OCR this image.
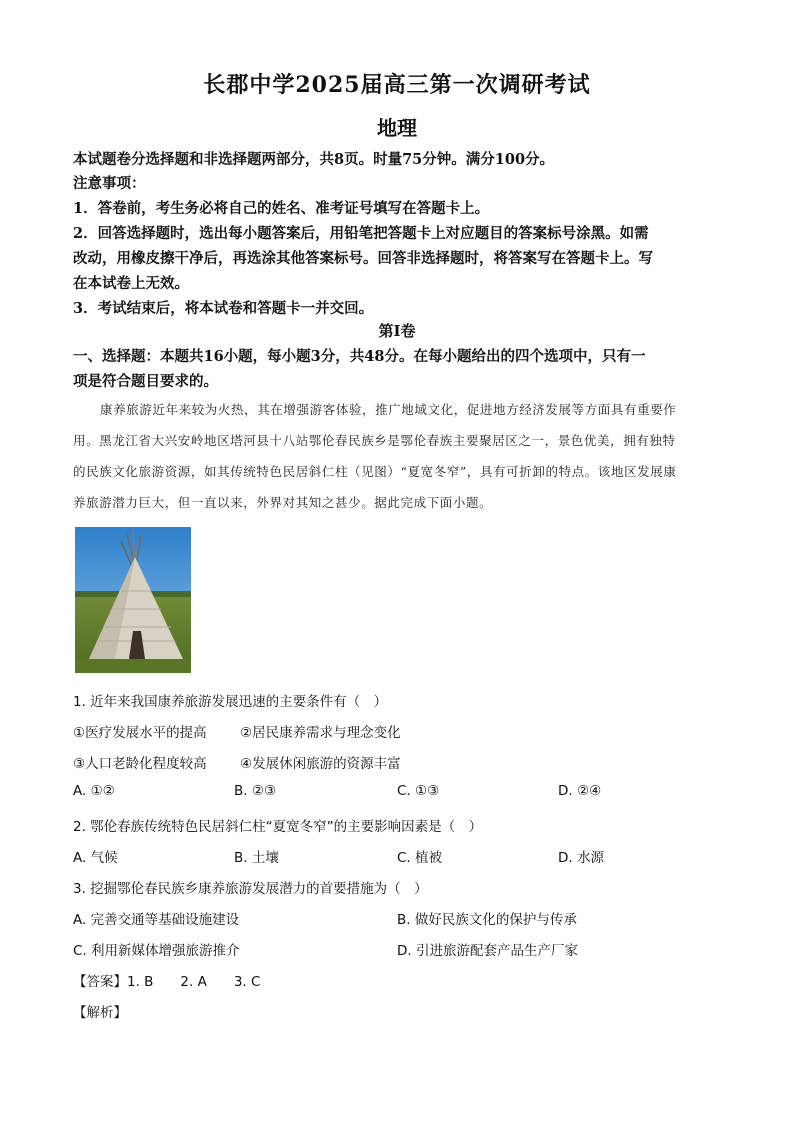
长郡中学2025届高三第一次调研考试
地理
本试题卷分选择题和非选择题两部分，共8页。时量75分钟。满分100分。
注意事项：
1．答卷前，考生务必将自己的姓名、准考证号填写在答题卡上。
2．回答选择题时，选出每小题答案后，用铅笔把答题卡上对应题目的答案标号涂黑。如需
改动，用橡皮擦干净后，再选涂其他答案标号。回答非选择题时，将答案写在答题卡上。写
在本试卷上无效。
3．考试结束后，将本试卷和答题卡一并交回。
第Ⅰ卷
一、选择题：本题共16小题，每小题3分，共48分。在每小题给出的四个选项中，只有一
项是符合题目要求的。
康养旅游近年来较为火热，其在增强游客体验，推广地域文化，促进地方经济发展等方面具有重要作
用。黑龙江省大兴安岭地区塔河县十八站鄂伦春民族乡是鄂伦春族主要聚居区之一，景色优美，拥有独特
的民族文化旅游资源，如其传统特色民居斜仁柱（见图）“夏宽冬窄”，具有可折卸的特点。该地区发展康
养旅游潜力巨大，但一直以来，外界对其知之甚少。据此完成下面小题。
1. 近年来我国康养旅游发展迅速的主要条件有（　）
①医疗发展水平的提高 ②居民康养需求与理念变化
③人口老龄化程度较高 ④发展休闲旅游的资源丰富
A. ①②	B. ②③	C. ①③	D. ②④
2. 鄂伦春族传统特色民居斜仁柱“夏宽冬窄”的主要影响因素是（　）
A. 气候	B. 土壤	C. 植被	D. 水源
3. 挖掘鄂伦春民族乡康养旅游发展潜力的首要措施为（　）
A. 完善交通等基础设施建设	B. 做好民族文化的保护与传承
C. 利用新媒体增强旅游推介	D. 引进旅游配套产品生产厂家
【答案】1. B　　2. A　　3. C
【解析】
